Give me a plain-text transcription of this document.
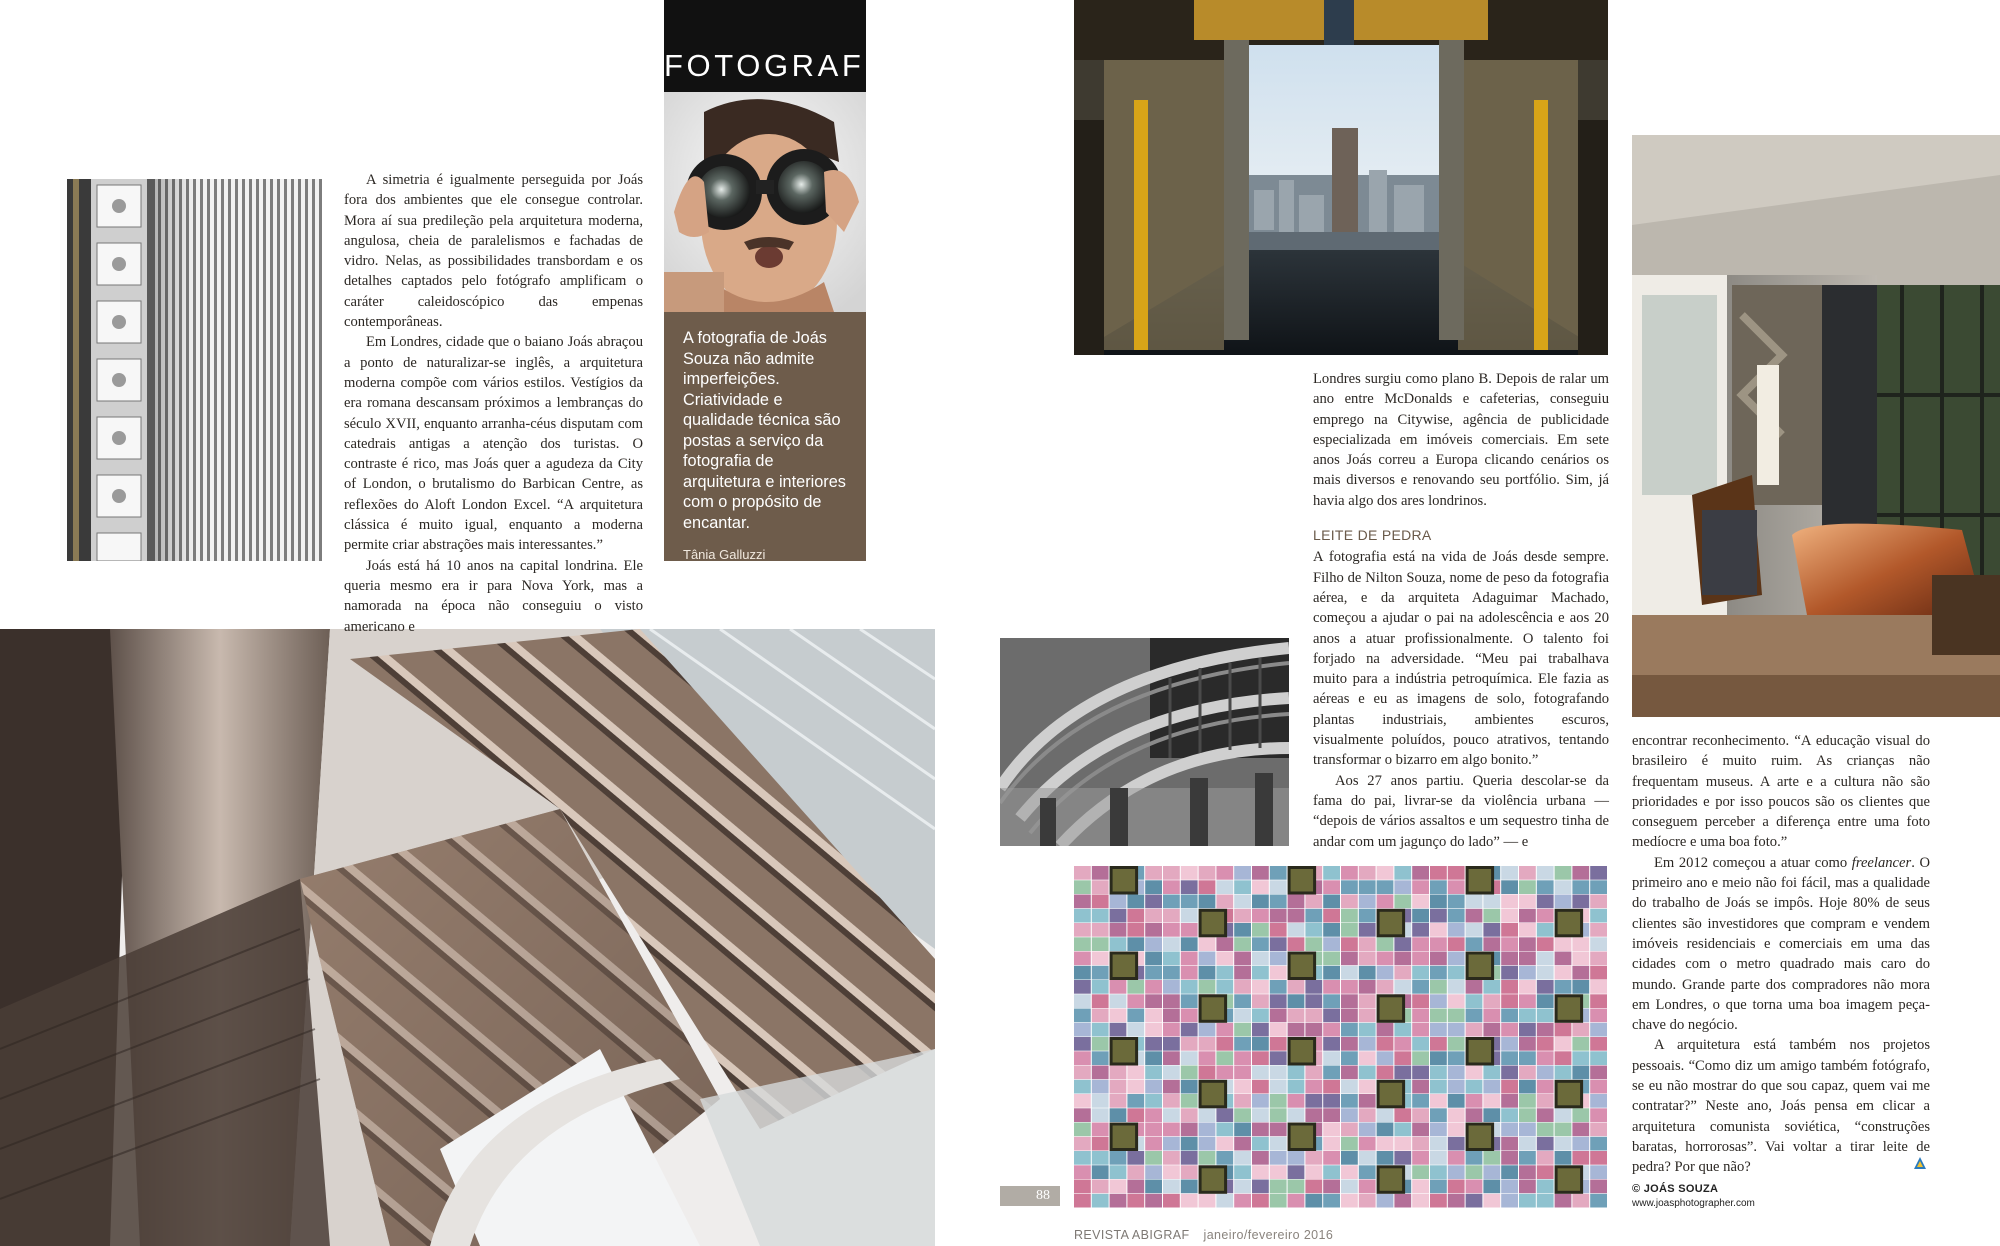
FOTOGRAFIA
A fotografia de Joás Souza não admite imperfeições. Criatividade e qualidade técnica são postas a serviço da fotografia de arquitetura e interiores com o propósito de encantar.
Tânia Galluzzi

A simetria é igualmente perseguida por Joás fora dos ambientes que ele consegue controlar. Mora aí sua predileção pela arquitetura moderna, angulosa, cheia de paralelismos e fachadas de vidro. Nelas, as possibilidades transbordam e os detalhes captados pelo fotógrafo amplificam o caráter caleidoscópico das empenas contemporâneas.

Em Londres, cidade que o baiano Joás abraçou a ponto de naturalizar-se inglês, a arquitetura moderna compõe com vários estilos. Vestígios da era romana descansam próximos a lembranças do século XVII, enquanto arranha-céus disputam com catedrais antigas a atenção dos turistas. O contraste é rico, mas Joás quer a agudeza da City of London, o brutalismo do Barbican Centre, as reflexões do Aloft London Excel. “A arquitetura clássica é muito igual, enquanto a moderna permite criar abstrações mais interessantes.”

Joás está há 10 anos na capital londrina. Ele queria mesmo era ir para Nova York, mas a namorada na época não conseguiu o visto americano e

Londres surgiu como plano B. Depois de ralar um ano entre McDonalds e cafeterias, conseguiu emprego na Citywise, agência de publicidade especializada em imóveis comerciais. Em sete anos Joás correu a Europa clicando cenários os mais diversos e renovando seu portfólio. Sim, já havia algo dos ares londrinos.

LEITE DE PEDRA

A fotografia está na vida de Joás desde sempre. Filho de Nilton Souza, nome de peso da fotografia aérea, e da arquiteta Adaguimar Machado, começou a ajudar o pai na adolescência e aos 20 anos a atuar profissionalmente. O talento foi forjado na adversidade. “Meu pai trabalhava muito para a indústria petroquímica. Ele fazia as aéreas e eu as imagens de solo, fotografando plantas industriais, ambientes escuros, visualmente poluídos, pouco atrativos, tentando transformar o bizarro em algo bonito.”

Aos 27 anos partiu. Queria descolar-se da fama do pai, livrar-se da violência urbana — “depois de vários assaltos e um sequestro tinha de andar com um jagunço do lado” — e

encontrar reconhecimento. “A educação visual do brasileiro é muito ruim. As crianças não frequentam museus. A arte e a cultura não são prioridades e por isso poucos são os clientes que conseguem perceber a diferença entre uma foto medíocre e uma boa foto.”

Em 2012 começou a atuar como freelancer. O primeiro ano e meio não foi fácil, mas a qualidade do trabalho de Joás se impôs. Hoje 80% de seus clientes são investidores que compram e vendem imóveis residenciais e comerciais em uma das cidades com o metro quadrado mais caro do mundo. Grande parte dos compradores não mora em Londres, o que torna uma boa imagem peça-chave do negócio.

A arquitetura está também nos projetos pessoais. “Como diz um amigo também fotógrafo, se eu não mostrar do que sou capaz, quem vai me contratar?” Neste ano, Joás pensa em clicar a arquitetura comunista soviética, “construções baratas, horrorosas”. Vai voltar a tirar leite de pedra? Por que não?

© JOÁS SOUZA
www.joasphotographer.com
88
REVISTA ABIGRAF janeiro/fevereiro 2016
